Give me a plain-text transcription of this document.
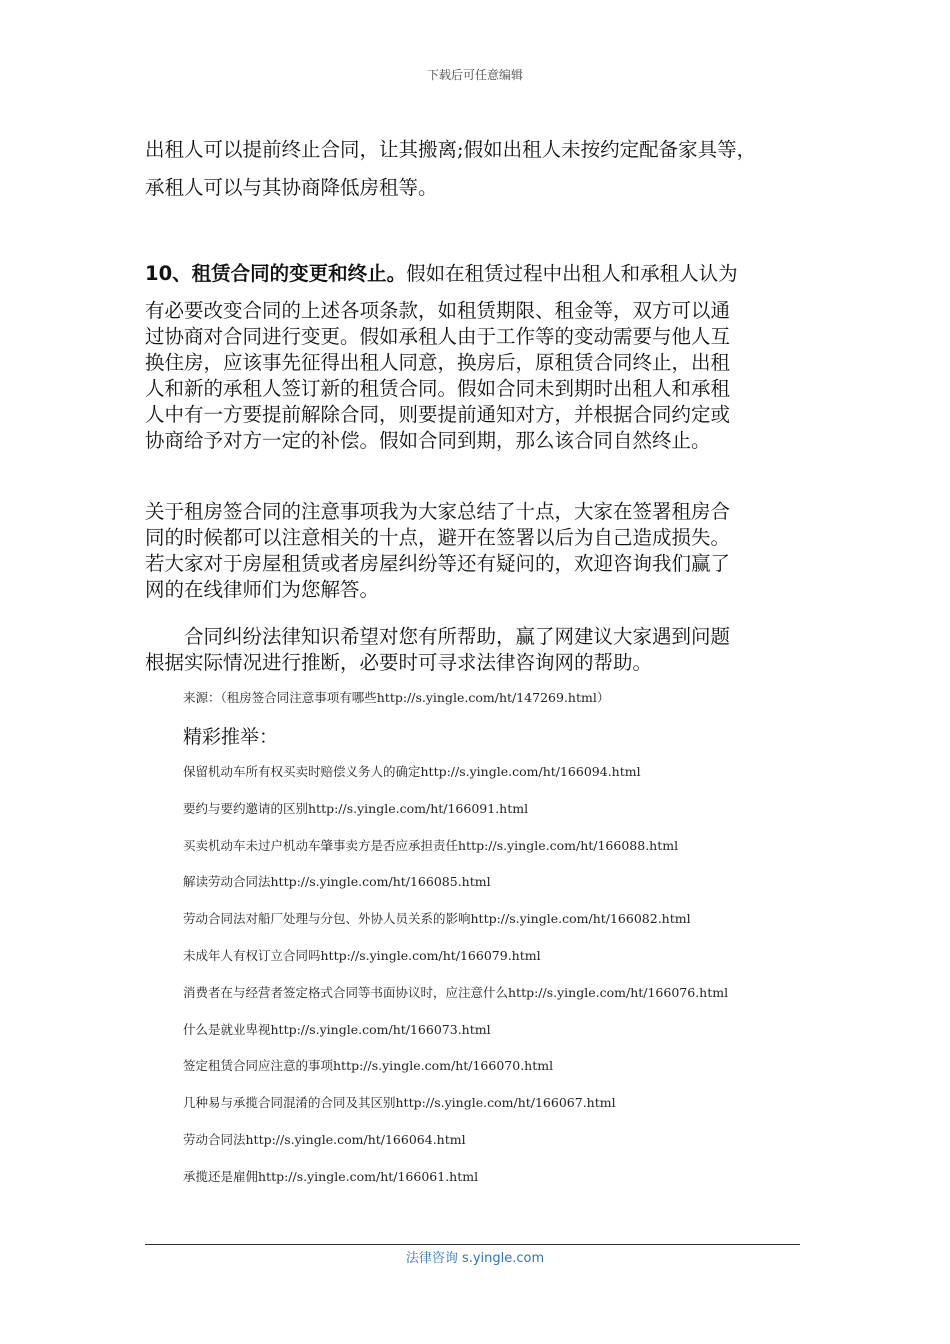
下载后可任意编辑
出租人可以提前终止合同，让其搬离;假如出租人未按约定配备家具等，
承租人可以与其协商降低房租等。
10、租赁合同的变更和终止。假如在租赁过程中出租人和承租人认为
有必要改变合同的上述各项条款，如租赁期限、租金等，双方可以通
过协商对合同进行变更。假如承租人由于工作等的变动需要与他人互
换住房，应该事先征得出租人同意，换房后，原租赁合同终止，出租
人和新的承租人签订新的租赁合同。假如合同未到期时出租人和承租
人中有一方要提前解除合同，则要提前通知对方，并根据合同约定或
协商给予对方一定的补偿。假如合同到期，那么该合同自然终止。
关于租房签合同的注意事项我为大家总结了十点，大家在签署租房合
同的时候都可以注意相关的十点，避开在签署以后为自己造成损失。
若大家对于房屋租赁或者房屋纠纷等还有疑问的，欢迎咨询我们赢了
网的在线律师们为您解答。
　　合同纠纷法律知识希望对您有所帮助，赢了网建议大家遇到问题
根据实际情况进行推断，必要时可寻求法律咨询网的帮助。
来源：（租房签合同注意事项有哪些http://s.yingle.com/ht/147269.html）
精彩推举：
保留机动车所有权买卖时赔偿义务人的确定http://s.yingle.com/ht/166094.html
要约与要约邀请的区别http://s.yingle.com/ht/166091.html
买卖机动车未过户机动车肇事卖方是否应承担责任http://s.yingle.com/ht/166088.html
解读劳动合同法http://s.yingle.com/ht/166085.html
劳动合同法对船厂处理与分包、外协人员关系的影响http://s.yingle.com/ht/166082.html
未成年人有权订立合同吗http://s.yingle.com/ht/166079.html
消费者在与经营者签定格式合同等书面协议时，应注意什么http://s.yingle.com/ht/166076.html
什么是就业卑视http://s.yingle.com/ht/166073.html
签定租赁合同应注意的事项http://s.yingle.com/ht/166070.html
几种易与承揽合同混淆的合同及其区别http://s.yingle.com/ht/166067.html
劳动合同法http://s.yingle.com/ht/166064.html
承揽还是雇佣http://s.yingle.com/ht/166061.html
法律咨询 s.yingle.com
